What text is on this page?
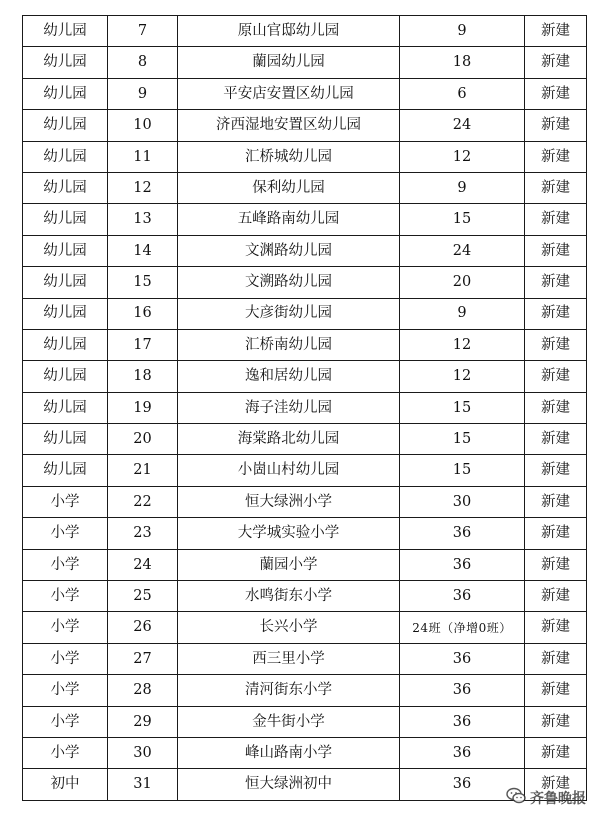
幼儿园	7	原山官邸幼儿园	9	新建
幼儿园	8	蘭园幼儿园	18	新建
幼儿园	9	平安店安置区幼儿园	6	新建
幼儿园	10	济西湿地安置区幼儿园	24	新建
幼儿园	11	汇桥城幼儿园	12	新建
幼儿园	12	保利幼儿园	9	新建
幼儿园	13	五峰路南幼儿园	15	新建
幼儿园	14	文渊路幼儿园	24	新建
幼儿园	15	文溯路幼儿园	20	新建
幼儿园	16	大彦街幼儿园	9	新建
幼儿园	17	汇桥南幼儿园	12	新建
幼儿园	18	逸和居幼儿园	12	新建
幼儿园	19	海子洼幼儿园	15	新建
幼儿园	20	海棠路北幼儿园	15	新建
幼儿园	21	小崮山村幼儿园	15	新建
小学	22	恒大绿洲小学	30	新建
小学	23	大学城实验小学	36	新建
小学	24	蘭园小学	36	新建
小学	25	水鸣街东小学	36	新建
小学	26	长兴小学	24班（净增0班）	新建
小学	27	西三里小学	36	新建
小学	28	清河街东小学	36	新建
小学	29	金牛街小学	36	新建
小学	30	峰山路南小学	36	新建
初中	31	恒大绿洲初中	36	新建
齐鲁晚报
